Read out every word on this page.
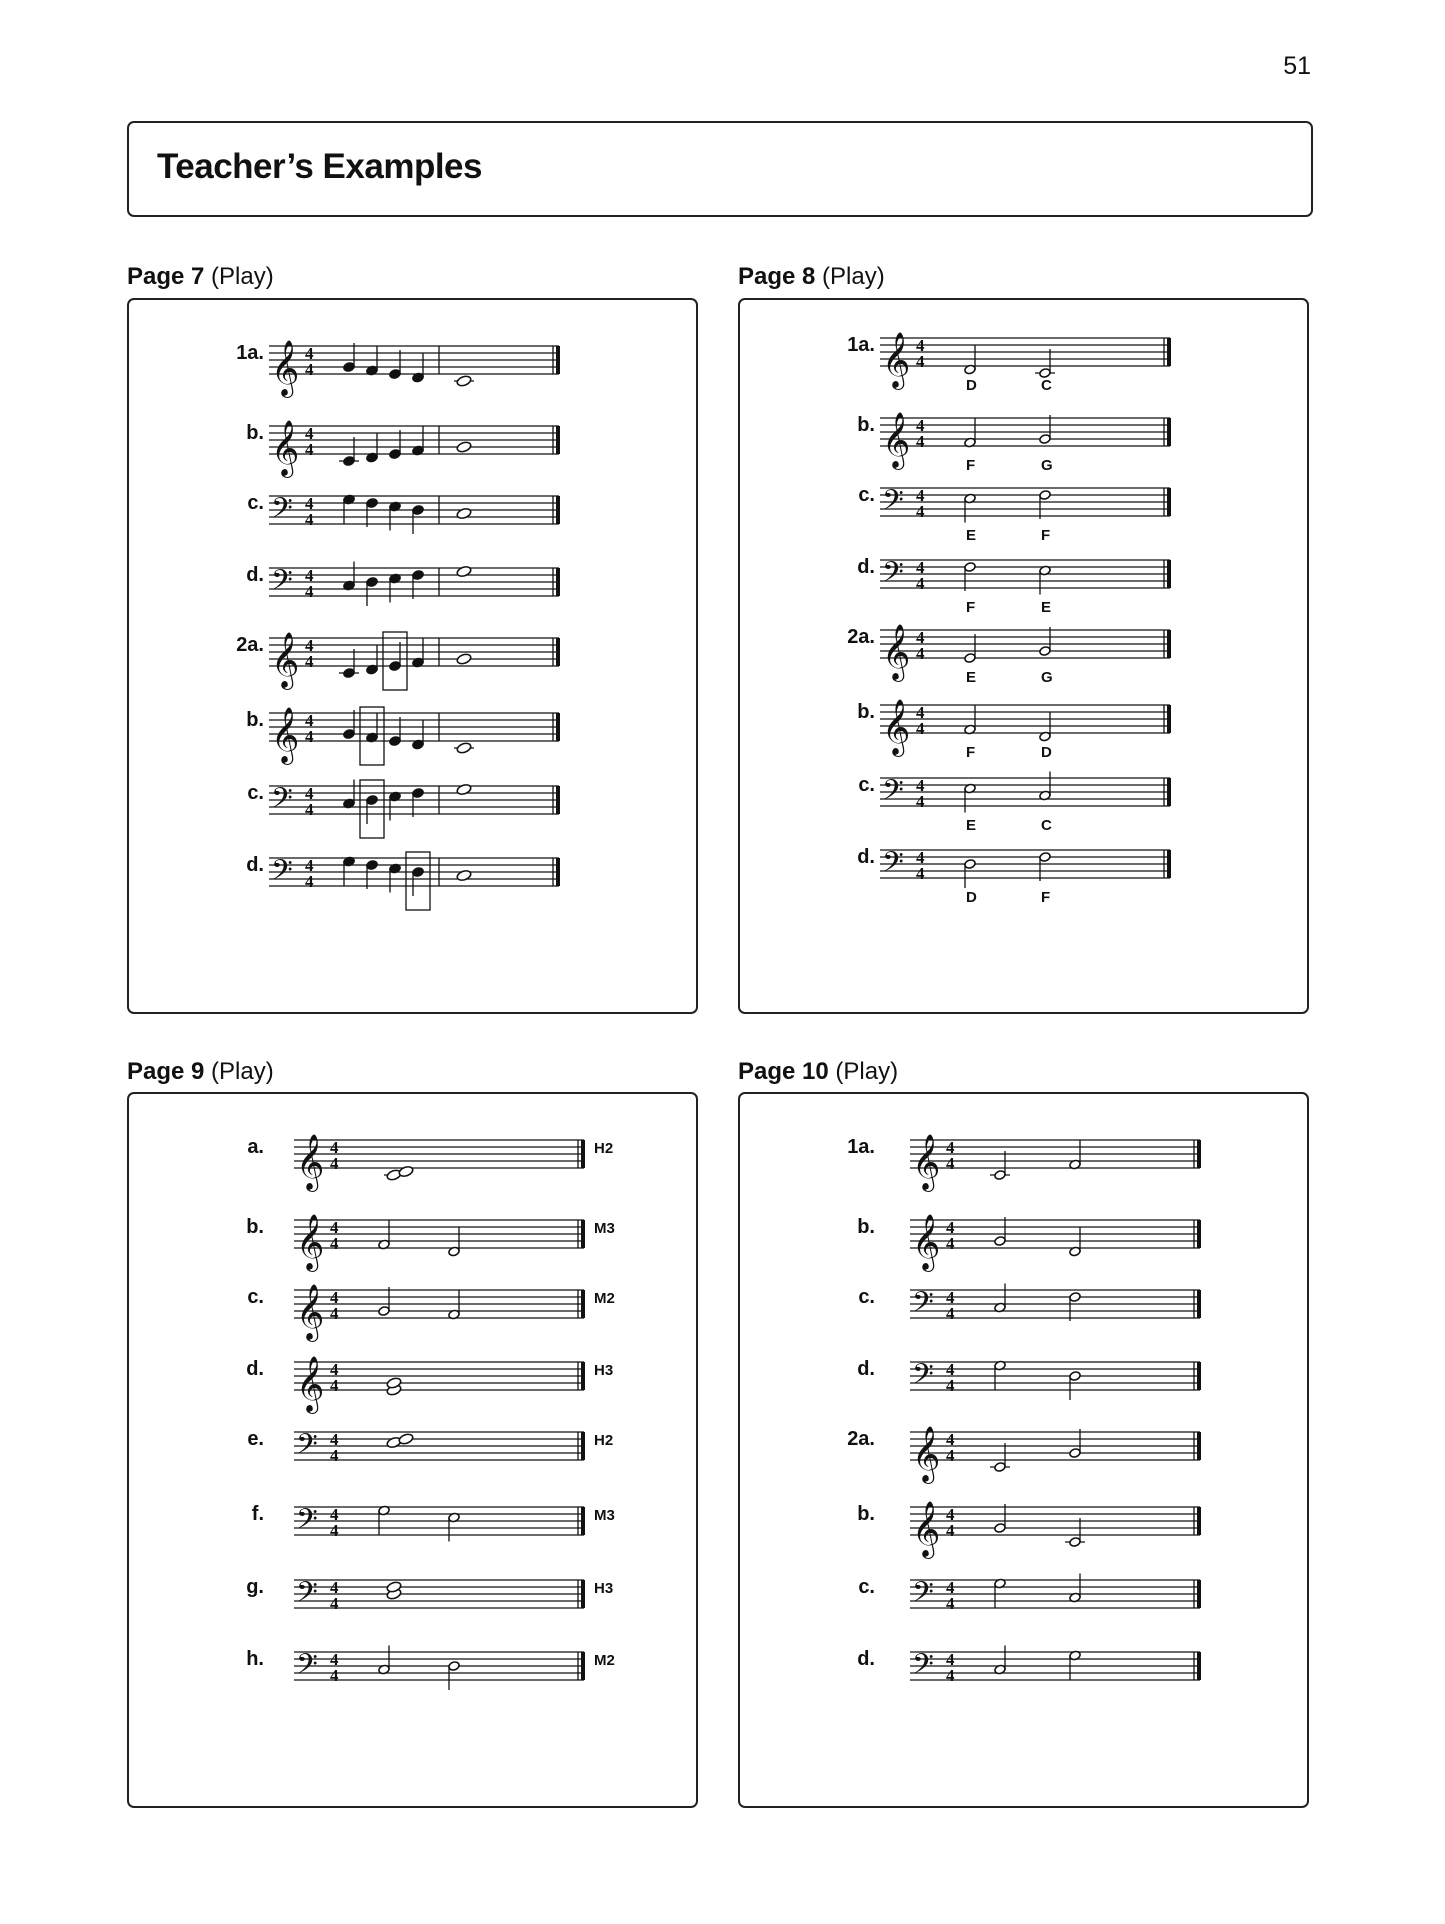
51
Teacher’s Examples
Page 7 (Play)	Page 8 (Play)
Page 9 (Play)	Page 10 (Play)
1a. 𝄞 4
4
b. 𝄞 4
4
c. 𝄢 4
4
d. 𝄢 4
4
2a. 𝄞 4
4
b. 𝄞 4
4
c. 𝄢 4
4
d. 𝄢 4
4
1a. 𝄞 4
4
D	C
b. 𝄞 4
4
F	G
c. 𝄢 4
4
E	F
d. 𝄢 4
4
F	E
2a. 𝄞 4
4
E	G
b. 𝄞 4
4
F	D
c. 𝄢 4
4
E	C
d. 𝄢 4
4
D	F
a.	H2
𝄞 4
4
b.	M3
𝄞 4
4
c.	M2
𝄞 4
4
d.	H3
𝄞 4
4
e.	H2
𝄢 4
4
f.	M3
𝄢 4
4
g.	H3
𝄢 4
4
h.	M2
𝄢 4
4
1a. 𝄞 4
4
b. 𝄞 4
4
c. 𝄢 4
4
d. 𝄢 4
4
2a. 𝄞 4
4
b. 𝄞 4
4
c. 𝄢 4
4
d. 𝄢 4
4
